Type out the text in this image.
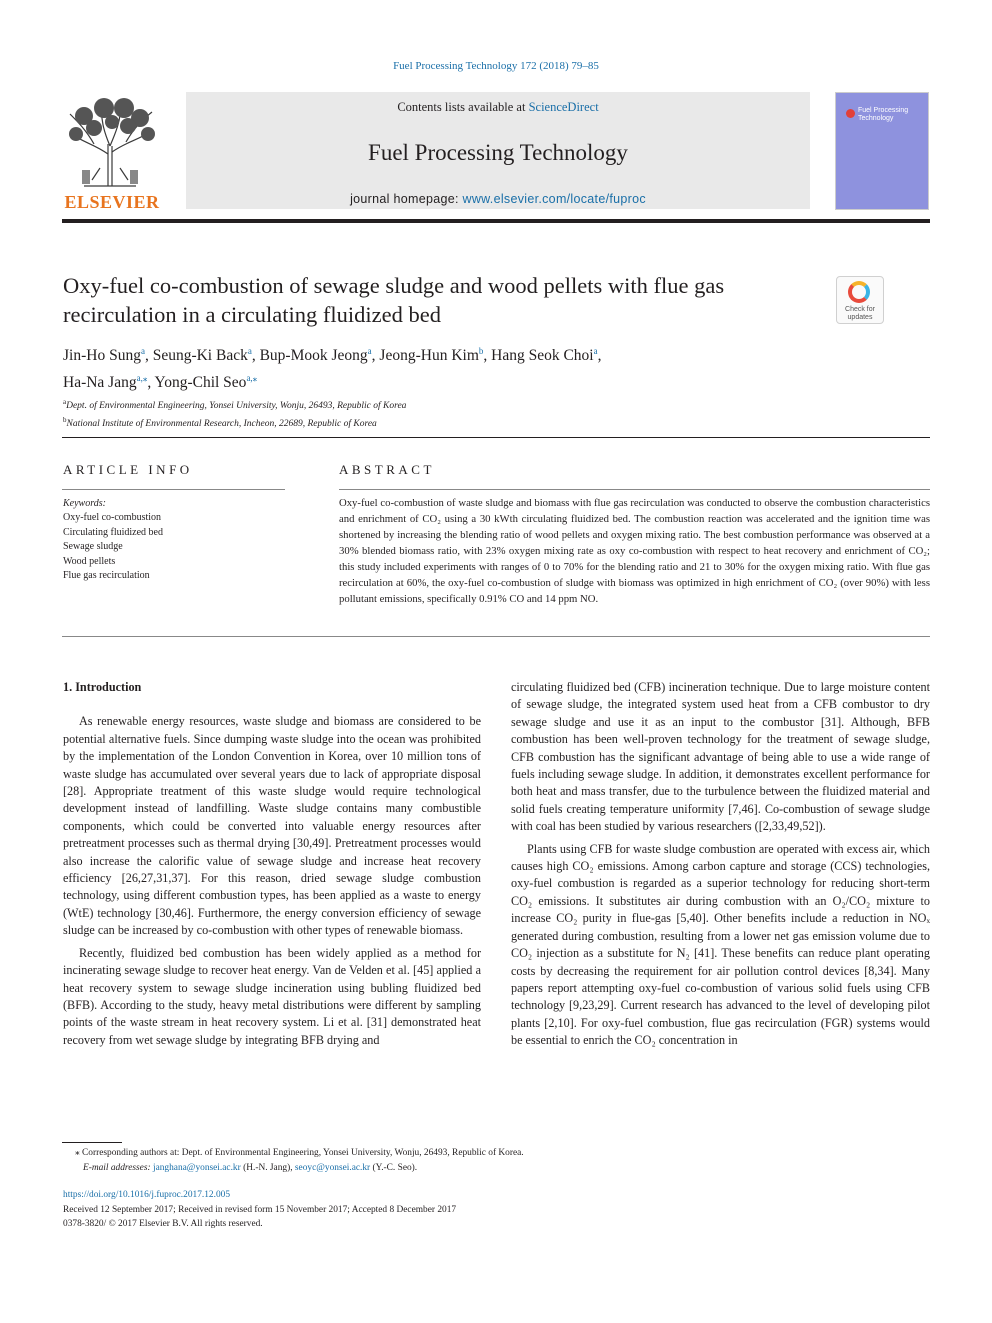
Fuel Processing Technology 172 (2018) 79–85
ELSEVIER
Contents lists available at ScienceDirect
Fuel Processing Technology
journal homepage: www.elsevier.com/locate/fuproc
Fuel Processing Technology
Oxy-fuel co-combustion of sewage sludge and wood pellets with flue gas recirculation in a circulating fluidized bed	Check for updates
Jin-Ho Sung$^a$, Seung-Ki Back$^a$, Bup-Mook Jeong$^a$, Jeong-Hun Kim$^b$, Hang Seok Choi$^a$,
Ha-Na Jang$^{a,⁎}$, Yong-Chil Seo$^{a,⁎}$
$^a$Dept. of Environmental Engineering, Yonsei University, Wonju, 26493, Republic of Korea
$^b$National Institute of Environmental Research, Incheon, 22689, Republic of Korea
ARTICLE INFO	ABSTRACT
Keywords:
Oxy-fuel co-combustion
Circulating fluidized bed
Sewage sludge
Wood pellets
Flue gas recirculation
Oxy-fuel co-combustion of waste sludge and biomass with flue gas recirculation was conducted to observe the combustion characteristics and enrichment of CO₂ using a 30 kWth circulating fluidized bed. The combustion reaction was accelerated and the ignition time was shortened by increasing the blending ratio of wood pellets and oxygen mixing ratio. The best combustion performance was observed at a 30% blended biomass ratio, with 23% oxygen mixing rate as oxy co-combustion with respect to heat recovery and enrichment of CO₂; this study included experiments with ranges of 0 to 70% for the blending ratio and 21 to 30% for the oxygen mixing ratio. With flue gas recirculation at 60%, the oxy-fuel co-combustion of sludge with biomass was optimized in high enrichment of CO₂ (over 90%) with less pollutant emissions, specifically 0.91% CO and 14 ppm NO.

1. Introduction

As renewable energy resources, waste sludge and biomass are considered to be potential alternative fuels. Since dumping waste sludge into the ocean was prohibited by the implementation of the London Convention in Korea, over 10 million tons of waste sludge has accumulated over several years due to lack of appropriate disposal [28]. Appropriate treatment of this waste sludge would require technological development instead of landfilling. Waste sludge contains many combustible components, which could be converted into valuable energy resources after pretreatment processes such as thermal drying [30,49]. Pretreatment processes would also increase the calorific value of sewage sludge and increase heat recovery efficiency [26,27,31,37]. For this reason, dried sewage sludge combustion technology, using different combustion types, has been applied as a waste to energy (WtE) technology [30,46]. Furthermore, the energy conversion efficiency of sewage sludge can be increased by co-combustion with other types of renewable biomass.

Recently, fluidized bed combustion has been widely applied as a method for incinerating sewage sludge to recover heat energy. Van de Velden et al. [45] applied a heat recovery system to sewage sludge incineration using bubling fluidized bed (BFB). According to the study, heavy metal distributions were different by sampling points of the waste stream in heat recovery system. Li et al. [31] demonstrated heat recovery from wet sewage sludge by integrating BFB drying and

circulating fluidized bed (CFB) incineration technique. Due to large moisture content of sewage sludge, the integrated system used heat from a CFB combustor to dry sewage sludge and use it as an input to the combustor [31]. Although, BFB combustion has been well-proven technology for the treatment of sewage sludge, CFB combustion has the significant advantage of being able to use a wide range of fuels including sewage sludge. In addition, it demonstrates excellent performance for both heat and mass transfer, due to the turbulence between the fluidized material and solid fuels creating temperature uniformity [7,46]. Co-combustion of sewage sludge with coal has been studied by various researchers ([2,33,49,52]).

Plants using CFB for waste sludge combustion are operated with excess air, which causes high CO₂ emissions. Among carbon capture and storage (CCS) technologies, oxy-fuel combustion is regarded as a superior technology for reducing short-term CO₂ emissions. It substitutes air during combustion with an O₂/CO₂ mixture to increase CO₂ purity in flue-gas [5,40]. Other benefits include a reduction in NOₓ generated during combustion, resulting from a lower net gas emission volume due to CO₂ injection as a substitute for N₂ [41]. These benefits can reduce plant operating costs by decreasing the requirement for air pollution control devices [8,34]. Many papers report attempting oxy-fuel co-combustion of various solid fuels using CFB technology [9,23,29]. Current research has advanced to the level of developing pilot plants [2,10]. For oxy-fuel combustion, flue gas recirculation (FGR) systems would be essential to enrich the CO₂ concentration in

⁎ Corresponding authors at: Dept. of Environmental Engineering, Yonsei University, Wonju, 26493, Republic of Korea.
E-mail addresses: janghana@yonsei.ac.kr (H.-N. Jang), seoyc@yonsei.ac.kr (Y.-C. Seo).
https://doi.org/10.1016/j.fuproc.2017.12.005
Received 12 September 2017; Received in revised form 15 November 2017; Accepted 8 December 2017
0378-3820/ © 2017 Elsevier B.V. All rights reserved.
